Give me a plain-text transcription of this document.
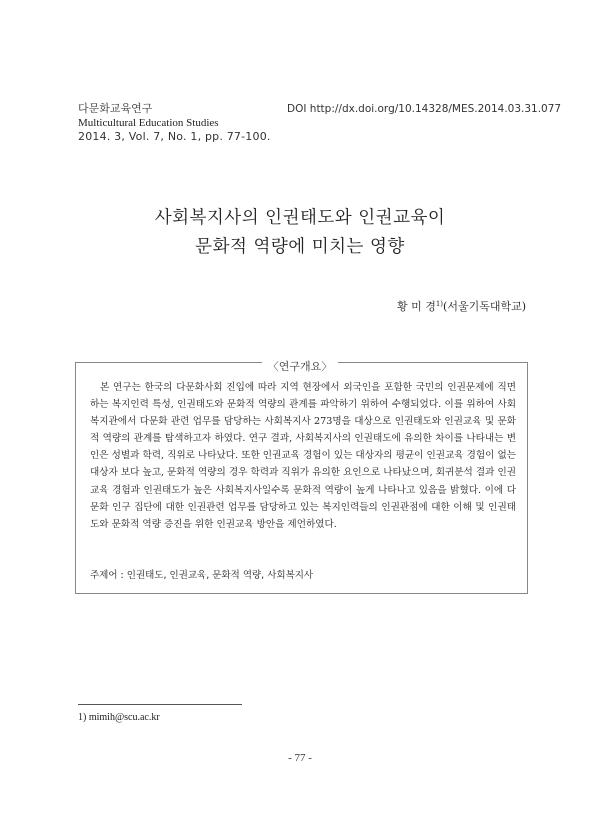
다문화교육연구
Multicultural Education Studies
2014. 3, Vol. 7, No. 1, pp. 77-100.
DOI http://dx.doi.org/10.14328/MES.2014.03.31.077
사회복지사의 인권태도와 인권교육이
문화적 역량에 미치는 영향
황 미 경$^{1)}$(서울기독대학교)
〈연구개요〉

본 연구는 한국의 다문화사회 진입에 따라 지역 현장에서 외국인을 포함한 국민의 인권문제에 직면하는 복지인력 특성, 인권태도와 문화적 역량의 관계를 파악하기 위하여 수행되었다. 이를 위하여 사회복지관에서 다문화 관련 업무를 담당하는 사회복지사 273명을 대상으로 인권태도와 인권교육 및 문화적 역량의 관계를 탐색하고자 하였다. 연구 결과, 사회복지사의 인권태도에 유의한 차이를 나타내는 변인은 성별과 학력, 직위로 나타났다. 또한 인권교육 경험이 있는 대상자의 평균이 인권교육 경험이 없는 대상자 보다 높고, 문화적 역량의 경우 학력과 직위가 유의한 요인으로 나타났으며, 회귀분석 결과 인권교육 경험과 인권태도가 높은 사회복지사일수록 문화적 역량이 높게 나타나고 있음을 밝혔다. 이에 다문화 인구 집단에 대한 인권관련 업무를 담당하고 있는 복지인력들의 인권관점에 대한 이해 및 인권태도와 문화적 역량 증진을 위한 인권교육 방안을 제언하였다.

주제어 : 인권태도, 인권교육, 문화적 역량, 사회복지사
1) mimih@scu.ac.kr
- 77 -
